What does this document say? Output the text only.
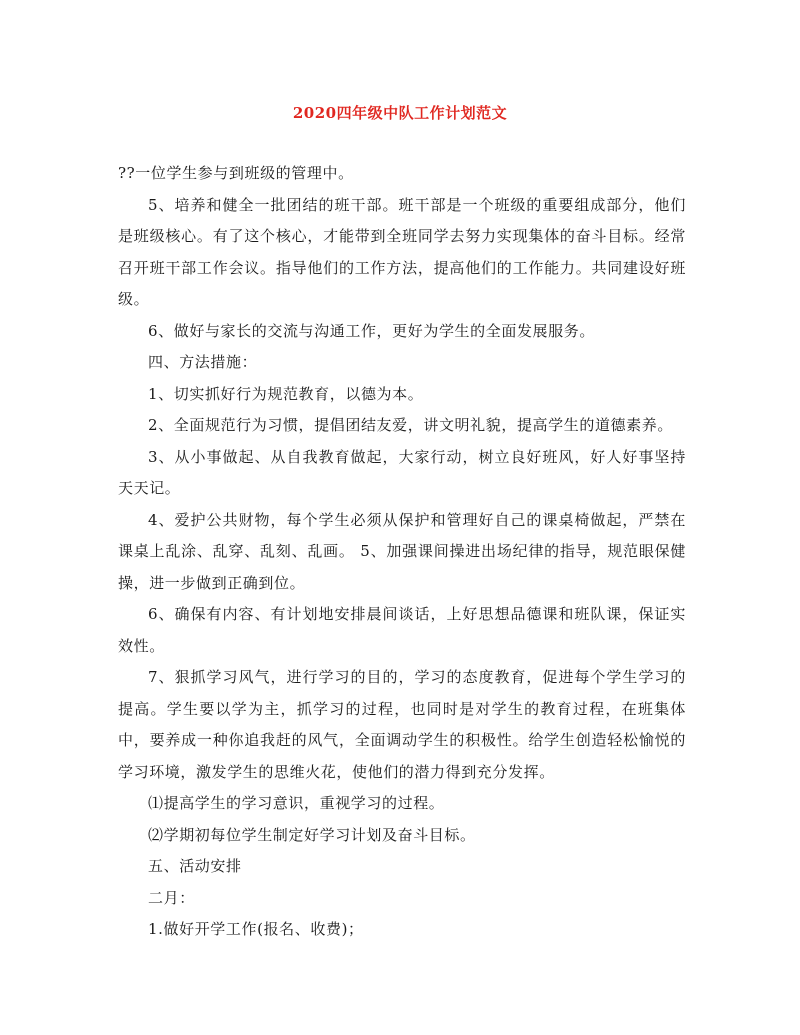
2020四年级中队工作计划范文

??一位学生参与到班级的管理中。

5、培养和健全一批团结的班干部。班干部是一个班级的重要组成部分，他们是班级核心。有了这个核心，才能带到全班同学去努力实现集体的奋斗目标。经常召开班干部工作会议。指导他们的工作方法，提高他们的工作能力。共同建设好班级。

6、做好与家长的交流与沟通工作，更好为学生的全面发展服务。

四、方法措施：

1、切实抓好行为规范教育，以德为本。

2、全面规范行为习惯，提倡团结友爱，讲文明礼貌，提高学生的道德素养。

3、从小事做起、从自我教育做起，大家行动，树立良好班风，好人好事坚持天天记。

4、爱护公共财物，每个学生必须从保护和管理好自己的课桌椅做起，严禁在课桌上乱涂、乱穿、乱刻、乱画。 5、加强课间操进出场纪律的指导，规范眼保健操，进一步做到正确到位。

6、确保有内容、有计划地安排晨间谈话，上好思想品德课和班队课，保证实效性。

7、狠抓学习风气，进行学习的目的，学习的态度教育，促进每个学生学习的提高。学生要以学为主，抓学习的过程，也同时是对学生的教育过程，在班集体中，要养成一种你追我赶的风气，全面调动学生的积极性。给学生创造轻松愉悦的学习环境，激发学生的思维火花，使他们的潜力得到充分发挥。

⑴提高学生的学习意识，重视学习的过程。

⑵学期初每位学生制定好学习计划及奋斗目标。

五、活动安排

二月：

1.做好开学工作(报名、收费)；
